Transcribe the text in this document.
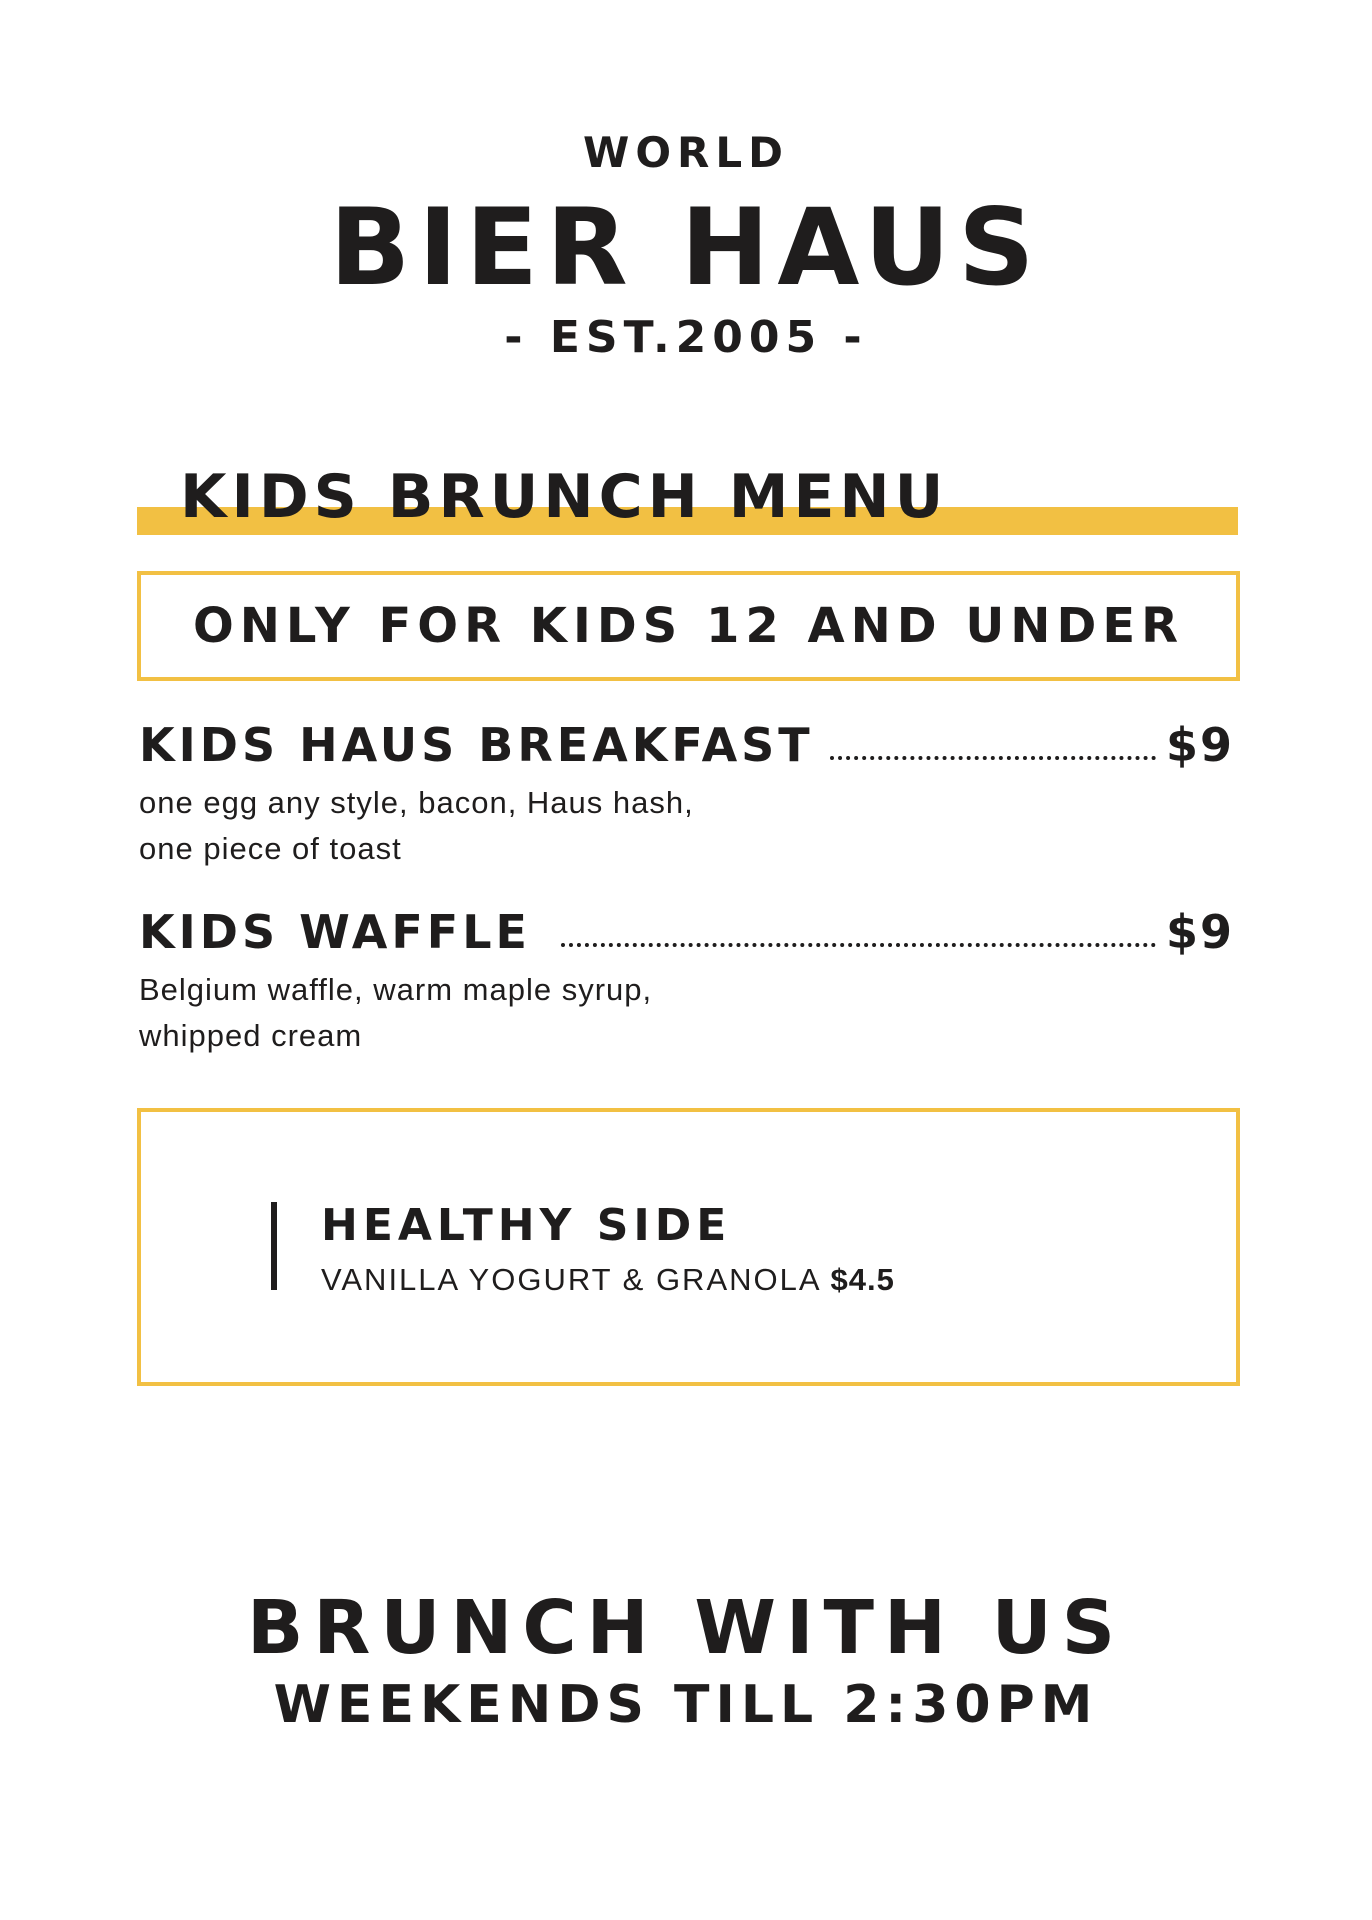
WORLD
BIER HAUS
- EST.2005 -
KIDS BRUNCH MENU
ONLY FOR KIDS 12 AND UNDER
KIDS HAUS BREAKFAST	$9
one egg any style, bacon, Haus hash,
one piece of toast
KIDS WAFFLE	$9
Belgium waffle, warm maple syrup,
whipped cream
HEALTHY SIDE
VANILLA YOGURT & GRANOLA $4.5
BRUNCH WITH US
WEEKENDS TILL 2:30PM
